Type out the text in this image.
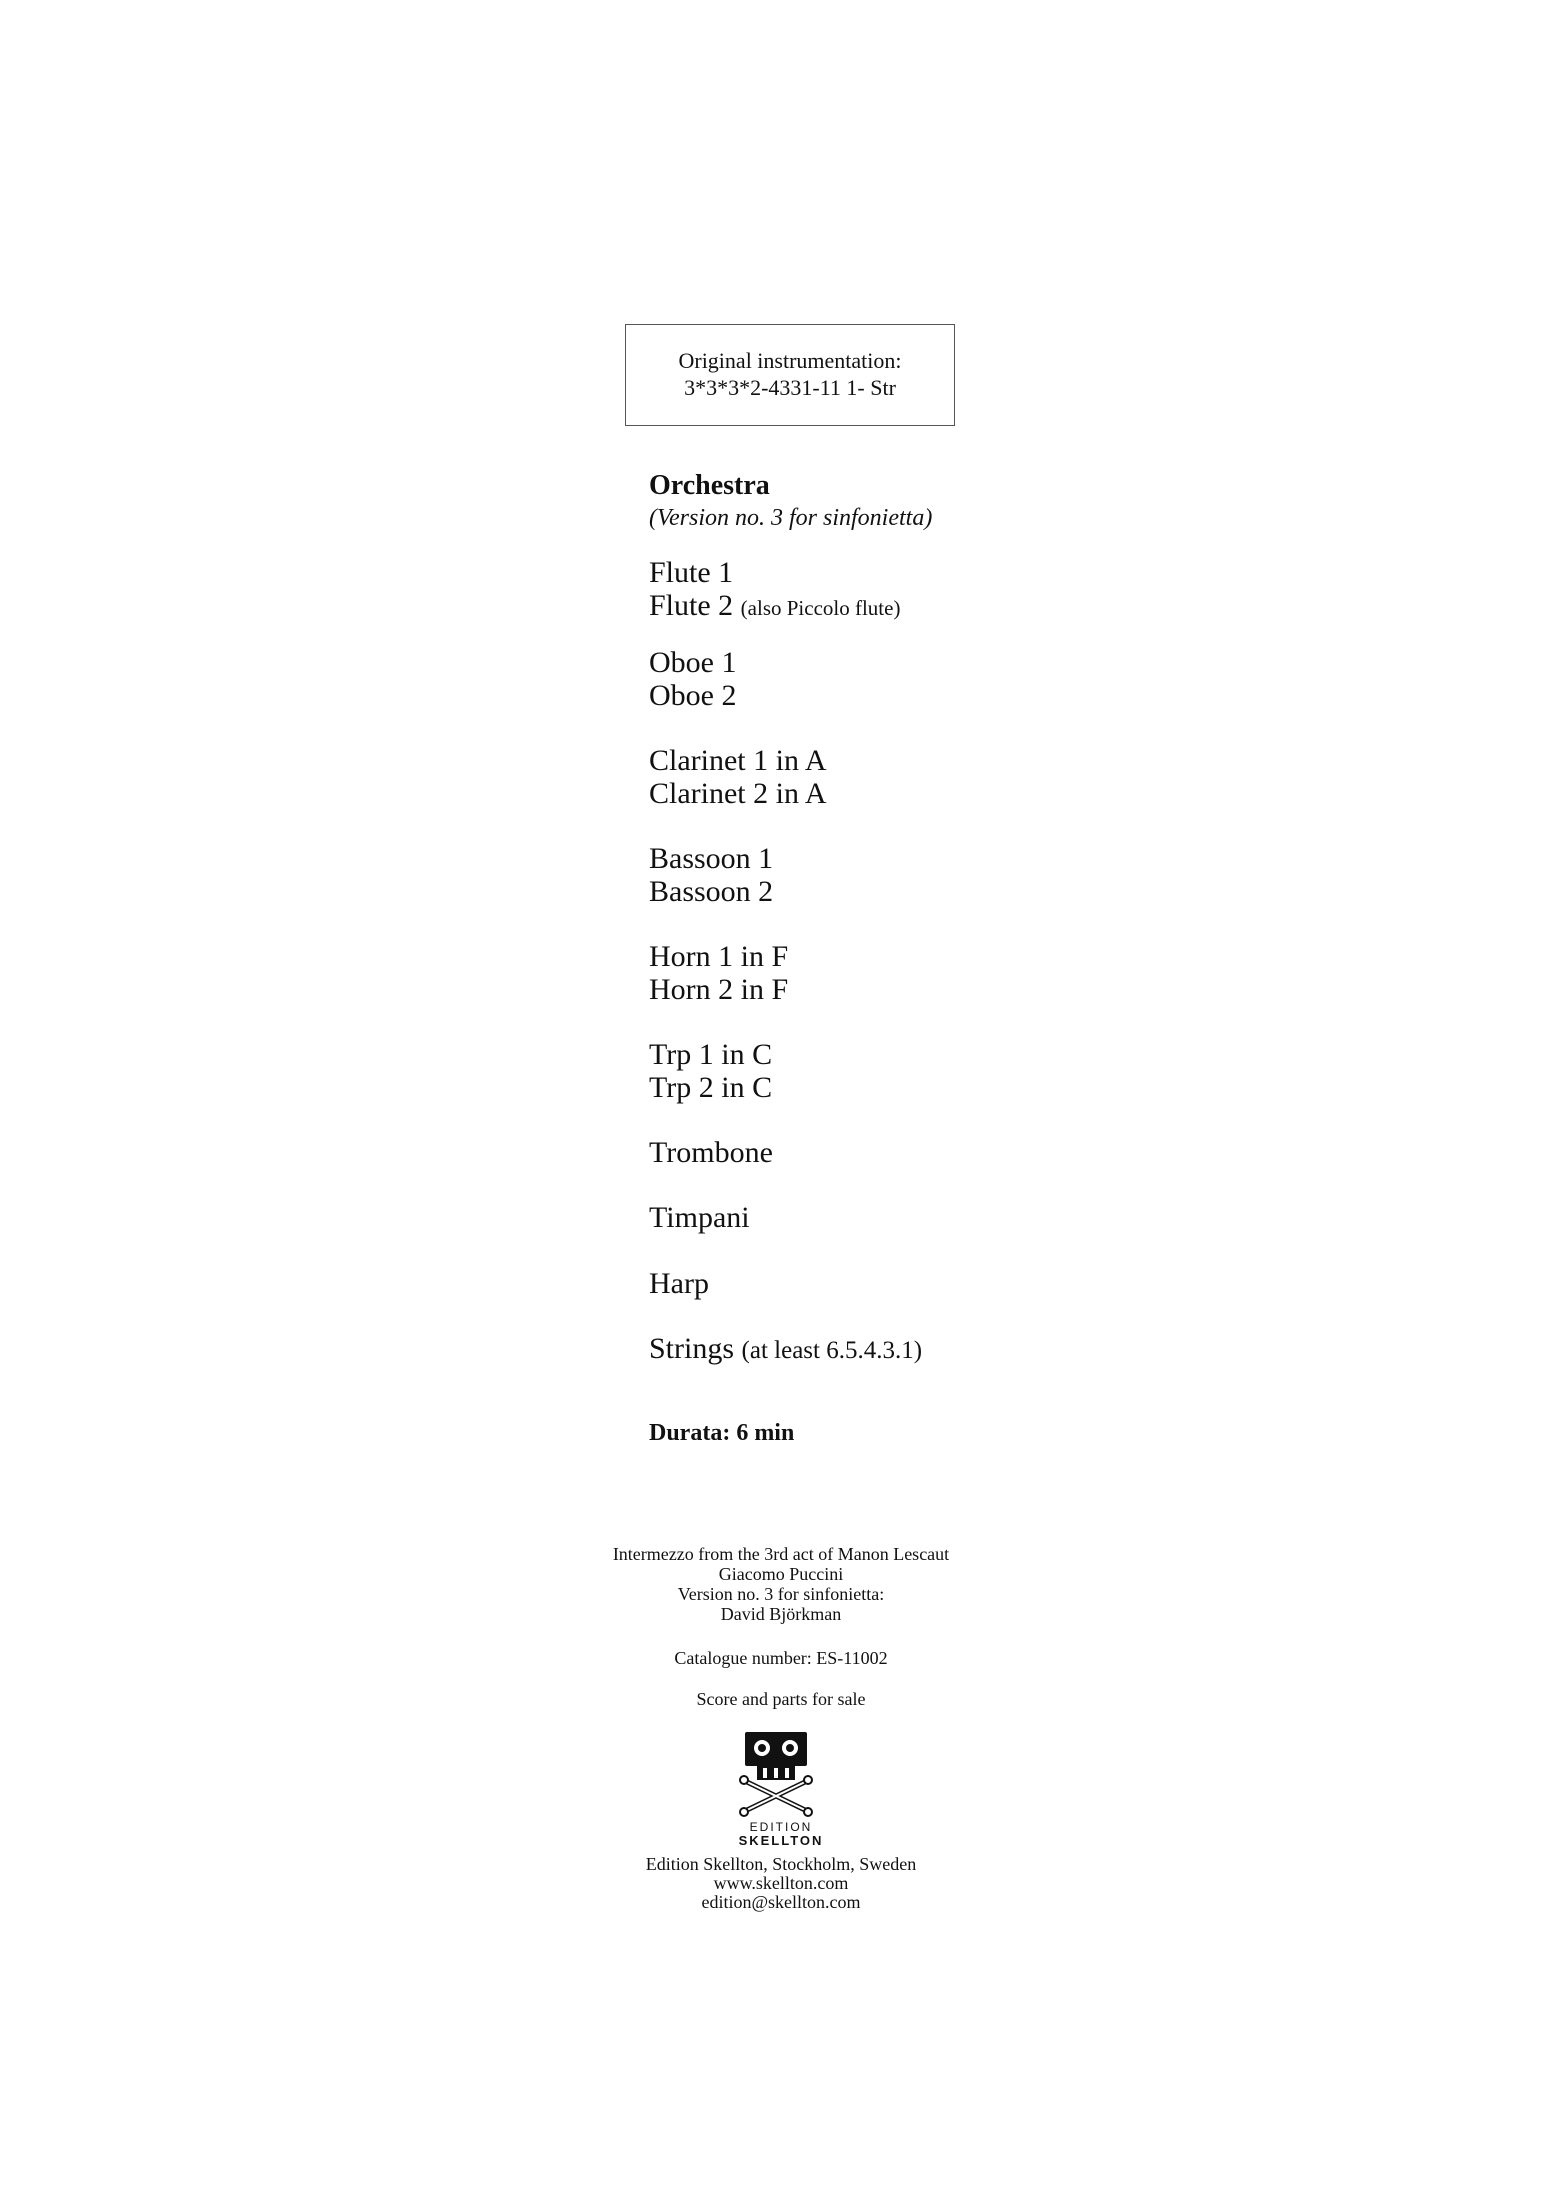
Original instrumentation:
3*3*3*2-4331-11 1- Str
Orchestra
(Version no. 3 for sinfonietta)
Flute 1
Flute 2 (also Piccolo flute)
Oboe 1
Oboe 2
Clarinet 1 in A
Clarinet 2 in A
Bassoon 1
Bassoon 2
Horn 1 in F
Horn 2 in F
Trp 1 in C
Trp 2 in C
Trombone
Timpani
Harp
Strings (at least 6.5.4.3.1)
Durata: 6 min
Intermezzo from the 3rd act of Manon Lescaut
Giacomo Puccini
Version no. 3 for sinfonietta:
David Björkman
Catalogue number: ES-11002
Score and parts for sale
EDITION
SKELLTON
Edition Skellton, Stockholm, Sweden
www.skellton.com
edition@skellton.com
